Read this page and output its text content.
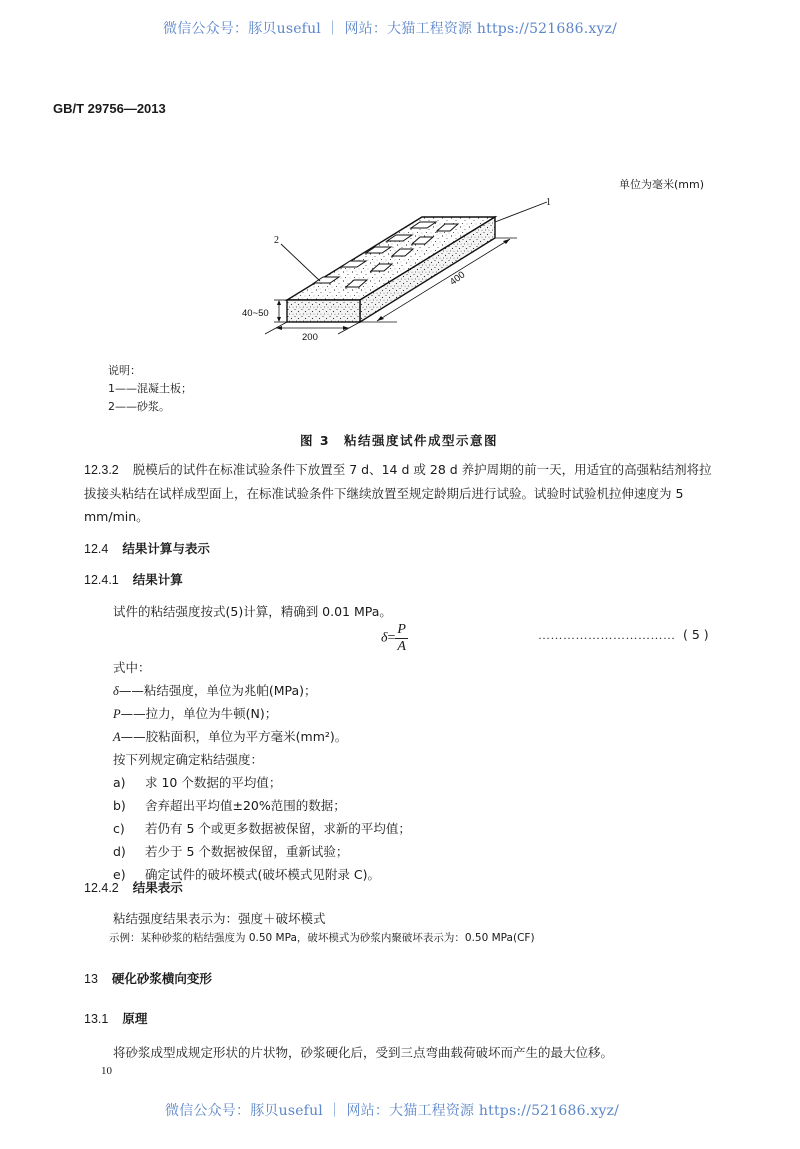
微信公众号：豚贝useful ｜ 网站：大猫工程资源 https://521686.xyz/
GB/T 29756—2013
单位为毫米(mm)
1
2
40~50
200
400
说明：
1——混凝土板；
2——砂浆。
图 3　粘结强度试件成型示意图
12.3.2 脱模后的试件在标准试验条件下放置至 7 d、14 d 或 28 d 养护周期的前一天，用适宜的高强粘结剂将拉拔接头粘结在试样成型面上，在标准试验条件下继续放置至规定龄期后进行试验。试验时试验机拉伸速度为 5 mm/min。
12.4 结果计算与表示
12.4.1 结果计算
试件的粘结强度按式(5)计算，精确到 0.01 MPa。
$\delta= \frac{P}{A}$	…………………………… ( 5 )
式中：
δ——粘结强度，单位为兆帕(MPa)；
P——拉力，单位为牛顿(N)；
A——胶粘面积，单位为平方毫米(mm²)。
按下列规定确定粘结强度：
a) 求 10 个数据的平均值；
b) 舍弃超出平均值±20%范围的数据；
c) 若仍有 5 个或更多数据被保留，求新的平均值；
d) 若少于 5 个数据被保留，重新试验；
e) 确定试件的破坏模式(破坏模式见附录 C)。
12.4.2 结果表示
粘结强度结果表示为：强度＋破坏模式
示例：某种砂浆的粘结强度为 0.50 MPa，破坏模式为砂浆内聚破坏表示为：0.50 MPa(CF)
13 硬化砂浆横向变形
13.1 原理
将砂浆成型成规定形状的片状物，砂浆硬化后，受到三点弯曲载荷破坏而产生的最大位移。
10
微信公众号：豚贝useful ｜ 网站：大猫工程资源 https://521686.xyz/
